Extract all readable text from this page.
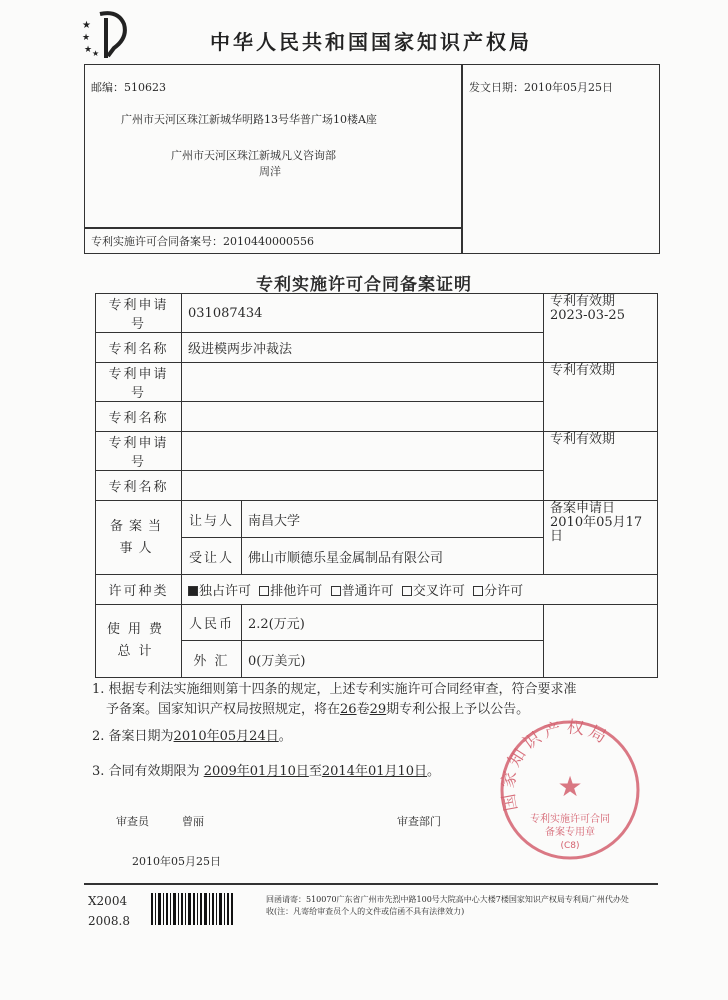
★
★
★ ★	中华人民共和国国家知识产权局
邮编：510623
广州市天河区珠江新城华明路13号华普广场10楼A座
广州市天河区珠江新城凡义咨询部
周洋
专利实施许可合同备案号：2010440000556
发文日期：2010年05月25日
专利实施许可合同备案证明
专利申请号	031087434		专利有效期
2023-03-25

专利名称	级进模两步冲裁法		
专利申请号			专利有效期
专利名称			
专利申请号			专利有效期
专利名称			
备案当事人	让与人	南昌大学	备案申请日
2010年05月17日

	受让人	佛山市顺德乐星金属制品有限公司	
许可种类	独占许可 排他许可 普通许可 交叉许可 分许可		
使用费总计	人民币	2.2(万元)	
	外 汇	0(万美元)	
1. 根据专利法实施细则第十四条的规定，上述专利实施许可合同经审查，符合要求准
予备案。国家知识产权局按照规定，将在26卷29期专利公报上予以公告。
2. 备案日期为2010年05月24日。
3. 合同有效期限为 2009年01月10日至2014年01月10日。
审查员	曾丽	审查部门
2010年05月25日
国家知识产权局
★
专利实施许可合同
备案专用章
(C8)
X2004
2008.8
回函请寄：510070广东省广州市先烈中路100号大院高中心大楼7楼国家知识产权局专利局广州代办处
收(注：凡寄给审查员个人的文件或信函不具有法律效力)
